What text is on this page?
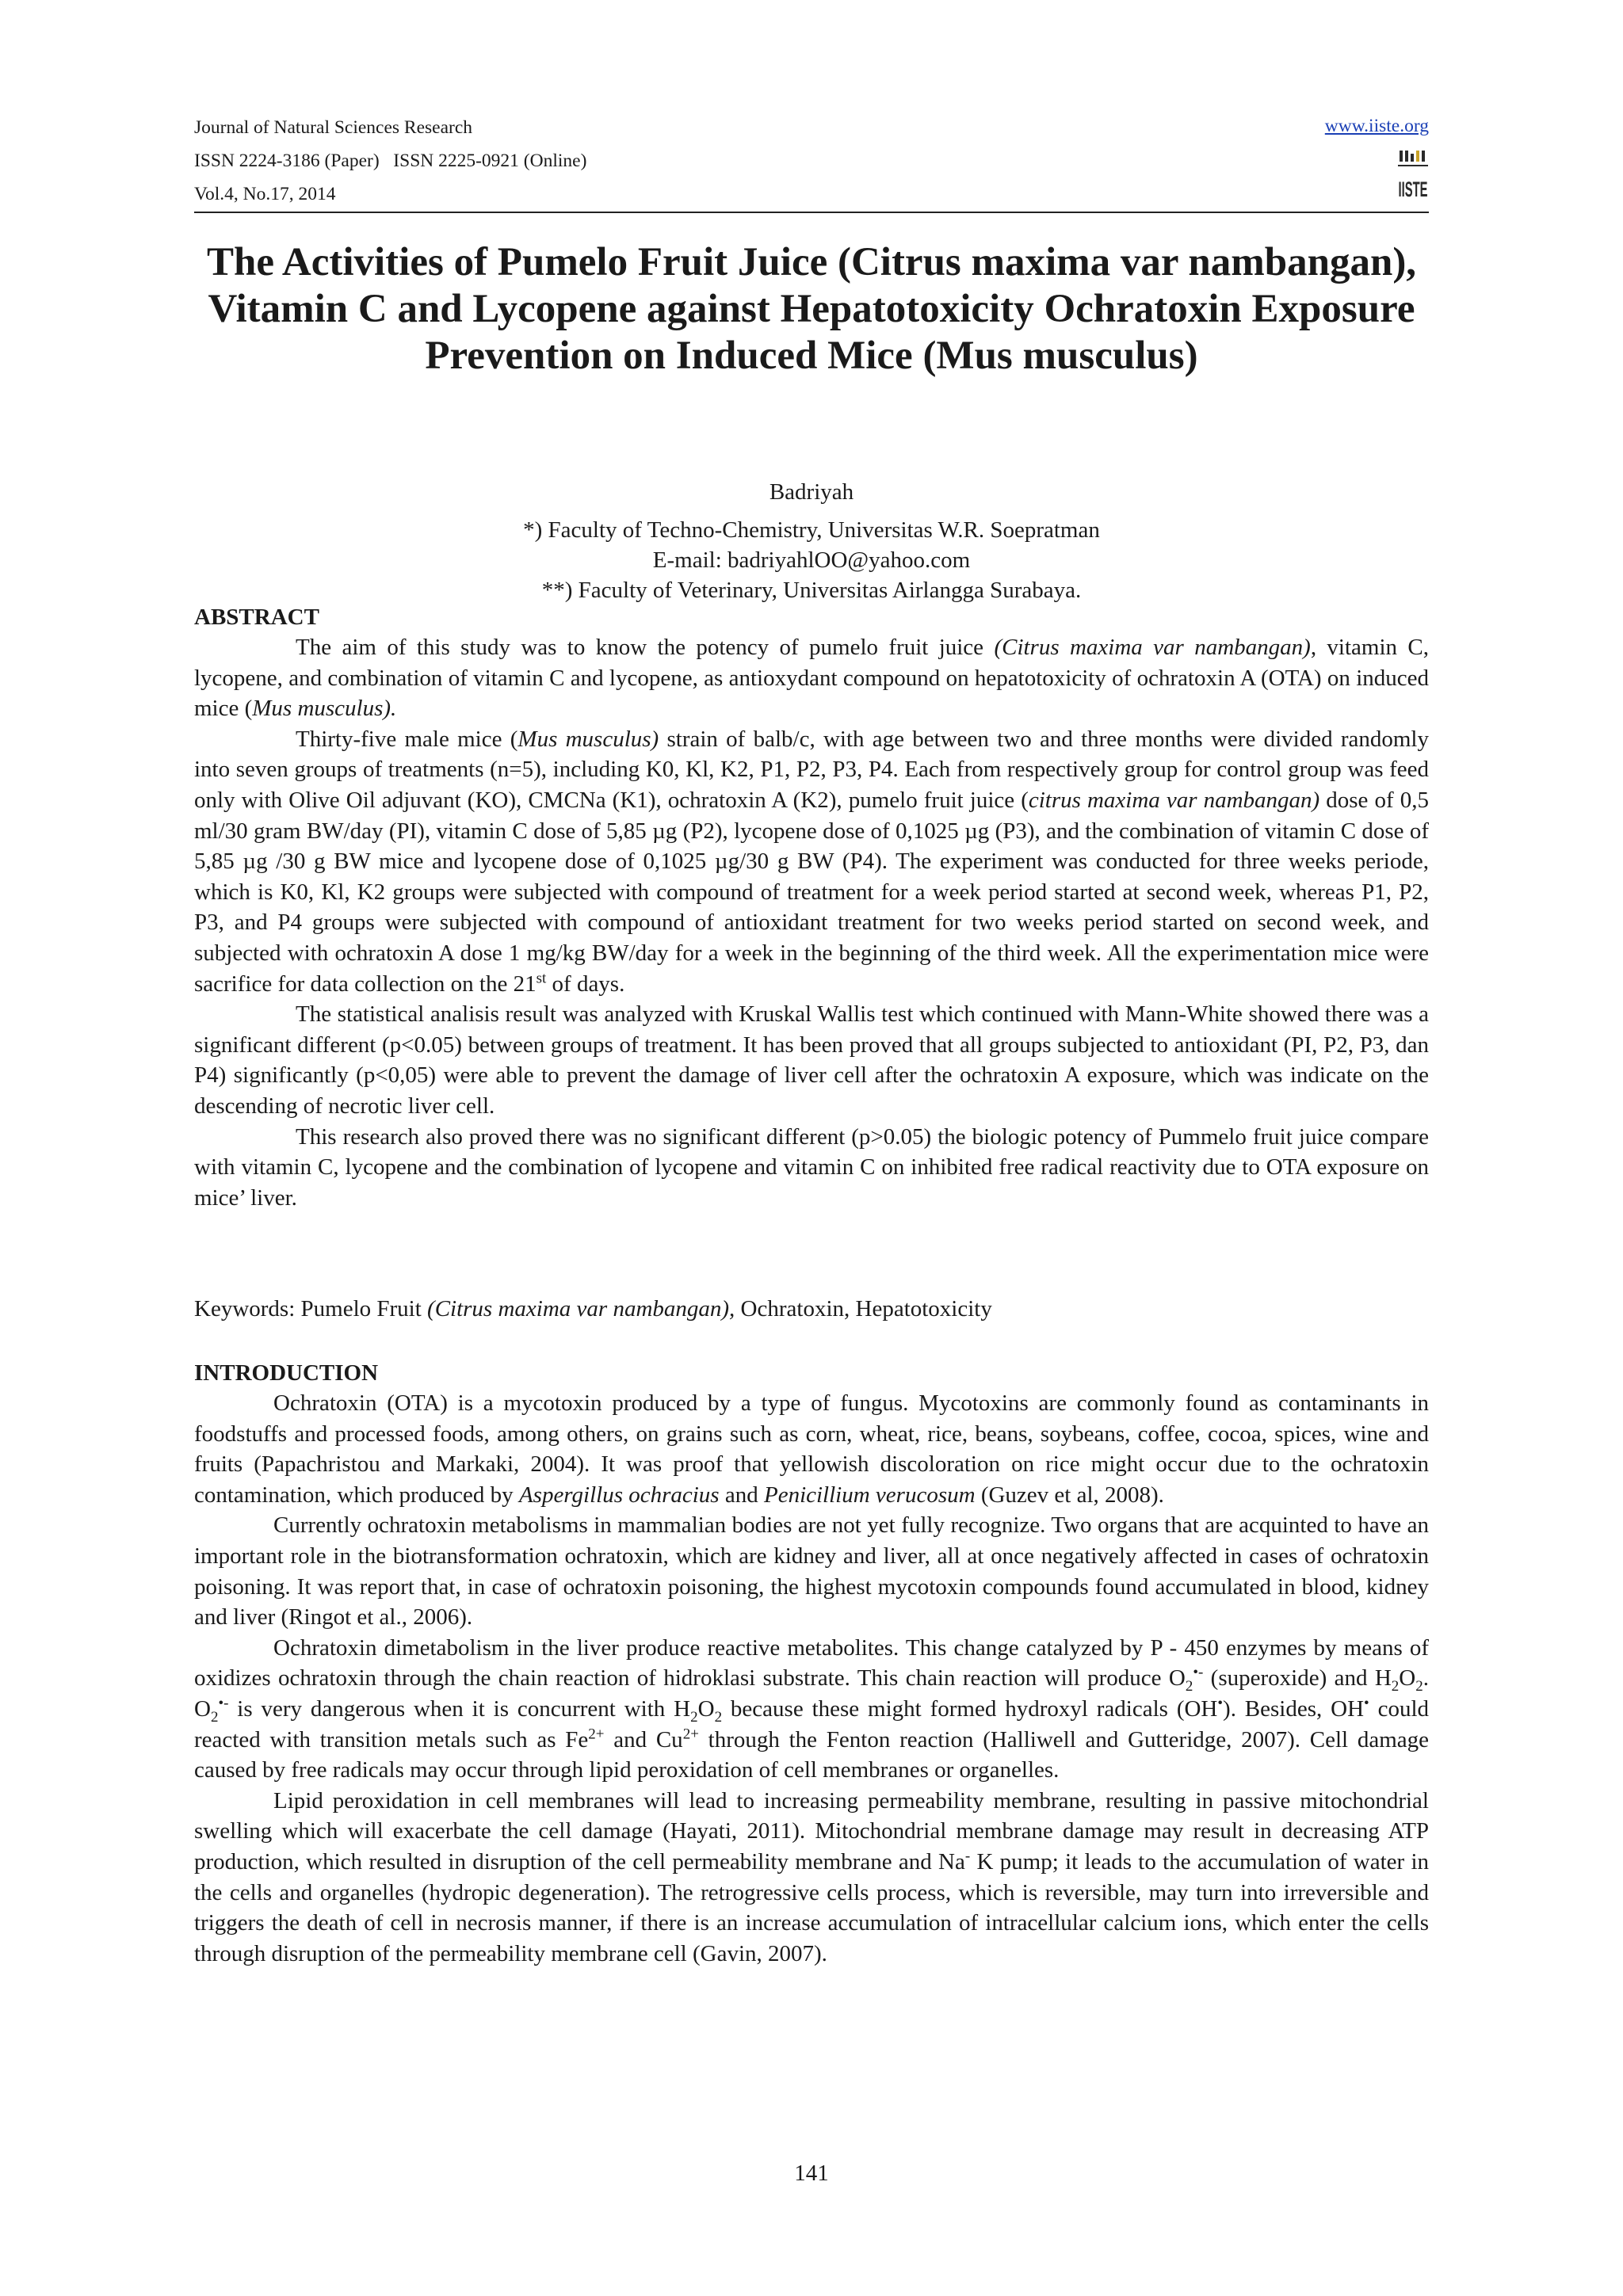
Journal of Natural Sciences Research
ISSN 2224-3186 (Paper)   ISSN 2225-0921 (Online)
Vol.4, No.17, 2014
www.iiste.org
IISTE
The Activities of Pumelo Fruit Juice (Citrus maxima var nambangan), Vitamin C and Lycopene against Hepatotoxicity Ochratoxin Exposure Prevention on Induced Mice (Mus musculus)
Badriyah
*) Faculty of Techno-Chemistry, Universitas W.R. Soepratman
E-mail: badriyahlOO@yahoo.com
**) Faculty of Veterinary, Universitas Airlangga Surabaya.
ABSTRACT

The aim of this study was to know the potency of pumelo fruit juice (Citrus maxima var nambangan), vitamin C, lycopene, and combination of vitamin C and lycopene, as antioxydant compound on hepatotoxicity of ochratoxin A (OTA) on induced mice (Mus musculus).

Thirty-five male mice (Mus musculus) strain of balb/c, with age between two and three months were divided randomly into seven groups of treatments (n=5), including K0, Kl, K2, P1, P2, P3, P4. Each from respectively group for control group was feed only with Olive Oil adjuvant (KO), CMCNa (K1), ochratoxin A (K2), pumelo fruit juice (citrus maxima var nambangan) dose of 0,5 ml/30 gram BW/day (PI), vitamin C dose of 5,85 µg (P2), lycopene dose of 0,1025 µg (P3), and the combination of vitamin C dose of 5,85 µg /30 g BW mice and lycopene dose of 0,1025 µg/30 g BW (P4). The experiment was conducted for three weeks periode, which is K0, Kl, K2 groups were subjected with compound of treatment for a week period started at second week, whereas P1, P2, P3, and P4 groups were subjected with compound of antioxidant treatment for two weeks period started on second week, and subjected with ochratoxin A dose 1 mg/kg BW/day for a week in the beginning of the third week. All the experimentation mice were sacrifice for data collection on the 21st of days.

The statistical analisis result was analyzed with Kruskal Wallis test which continued with Mann-White showed there was a significant different (p<0.05) between groups of treatment. It has been proved that all groups subjected to antioxidant (PI, P2, P3, dan P4) significantly (p<0,05) were able to prevent the damage of liver cell after the ochratoxin A exposure, which was indicate on the descending of necrotic liver cell.

This research also proved there was no significant different (p>0.05) the biologic potency of Pummelo fruit juice compare with vitamin C, lycopene and the combination of lycopene and vitamin C on inhibited free radical reactivity due to OTA exposure on mice’ liver.

Keywords: Pumelo Fruit (Citrus maxima var nambangan), Ochratoxin, Hepatotoxicity
INTRODUCTION

Ochratoxin (OTA) is a mycotoxin produced by a type of fungus. Mycotoxins are commonly found as contaminants in foodstuffs and processed foods, among others, on grains such as corn, wheat, rice, beans, soybeans, coffee, cocoa, spices, wine and fruits (Papachristou and Markaki, 2004). It was proof that yellowish discoloration on rice might occur due to the ochratoxin contamination, which produced by Aspergillus ochracius and Penicillium verucosum (Guzev et al, 2008).

Currently ochratoxin metabolisms in mammalian bodies are not yet fully recognize. Two organs that are acquinted to have an important role in the biotransformation ochratoxin, which are kidney and liver, all at once negatively affected in cases of ochratoxin poisoning. It was report that, in case of ochratoxin poisoning, the highest mycotoxin compounds found accumulated in blood, kidney and liver (Ringot et al., 2006).

Ochratoxin dimetabolism in the liver produce reactive metabolites. This change catalyzed by P - 450 enzymes by means of oxidizes ochratoxin through the chain reaction of hidroklasi substrate. This chain reaction will produce $O_2^{•-}$ (superoxide) and $H_2O_2$. $O_2^{•-}$ is very dangerous when it is concurrent with $H_2O_2$ because these might formed hydroxyl radicals (OH•). Besides, OH• could reacted with transition metals such as $Fe^{2+}$ and $Cu^{2+}$ through the Fenton reaction (Halliwell and Gutteridge, 2007). Cell damage caused by free radicals may occur through lipid peroxidation of cell membranes or organelles.

Lipid peroxidation in cell membranes will lead to increasing permeability membrane, resulting in passive mitochondrial swelling which will exacerbate the cell damage (Hayati, 2011). Mitochondrial membrane damage may result in decreasing ATP production, which resulted in disruption of the cell permeability membrane and Na- K pump; it leads to the accumulation of water in the cells and organelles (hydropic degeneration). The retrogressive cells process, which is reversible, may turn into irreversible and triggers the death of cell in necrosis manner, if there is an increase accumulation of intracellular calcium ions, which enter the cells through disruption of the permeability membrane cell (Gavin, 2007).

141
